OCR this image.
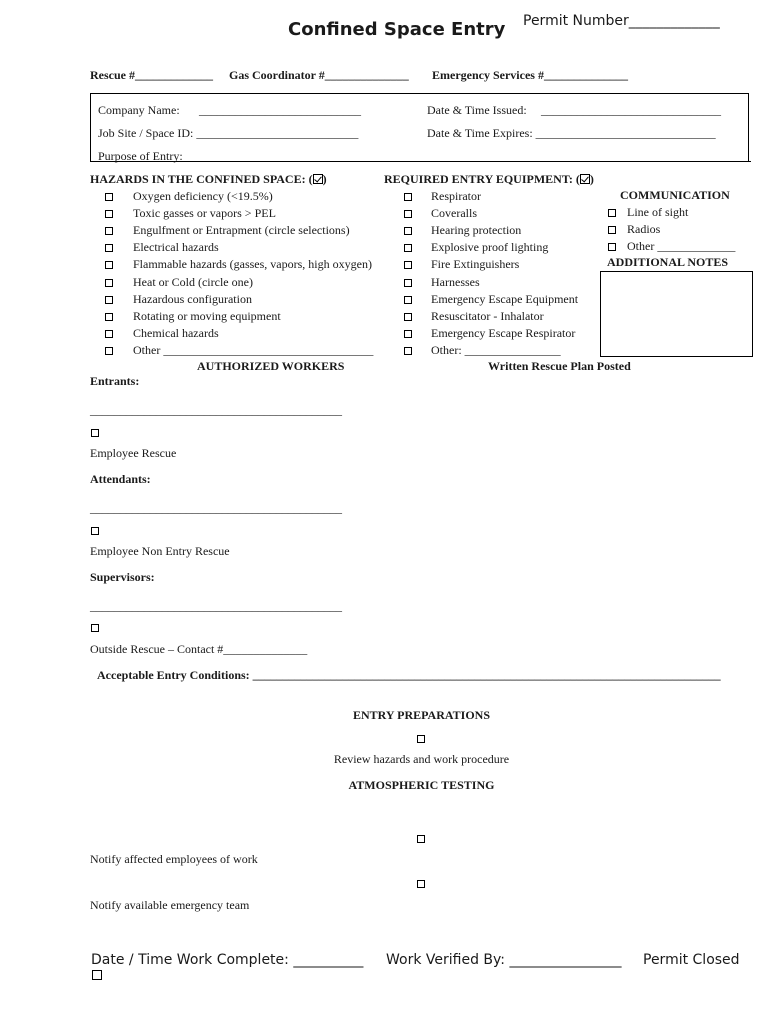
Confined Space Entry Permit Number_____________
Rescue #_____________ Gas Coordinator #______________ Emergency Services #______________
Company Name: ___________________________	Date & Time Issued: ______________________________
Job Site / Space ID: ___________________________	Date & Time Expires: ______________________________
Purpose of Entry:
HAZARDS IN THE CONFINED SPACE: ( )
Oxygen deficiency (<19.5%)
Toxic gasses or vapors > PEL
Engulfment or Entrapment (circle selections)
Electrical hazards
Flammable hazards (gasses, vapors, high oxygen)
Heat or Cold (circle one)
Hazardous configuration
Rotating or moving equipment
Chemical hazards
Other ___________________________________
REQUIRED ENTRY EQUIPMENT: ( )
Respirator
Coveralls
Hearing protection
Explosive proof lighting
Fire Extinguishers
Harnesses
Emergency Escape Equipment
Resuscitator - Inhalator
Emergency Escape Respirator
Other: ________________
COMMUNICATION
Line of sight
Radios
Other _____________
ADDITIONAL NOTES
AUTHORIZED WORKERS	Written Rescue Plan Posted
Entrants:
__________________________________________
Employee Rescue
Attendants:
__________________________________________
Employee Non Entry Rescue
Supervisors:
__________________________________________
Outside Rescue – Contact #______________
Acceptable Entry Conditions: ______________________________________________________________________________
ENTRY PREPARATIONS
Review hazards and work procedure
ATMOSPHERIC TESTING
Notify affected employees of work
Notify available emergency team
Date / Time Work Complete: __________ Work Verified By: ________________ Permit Closed
